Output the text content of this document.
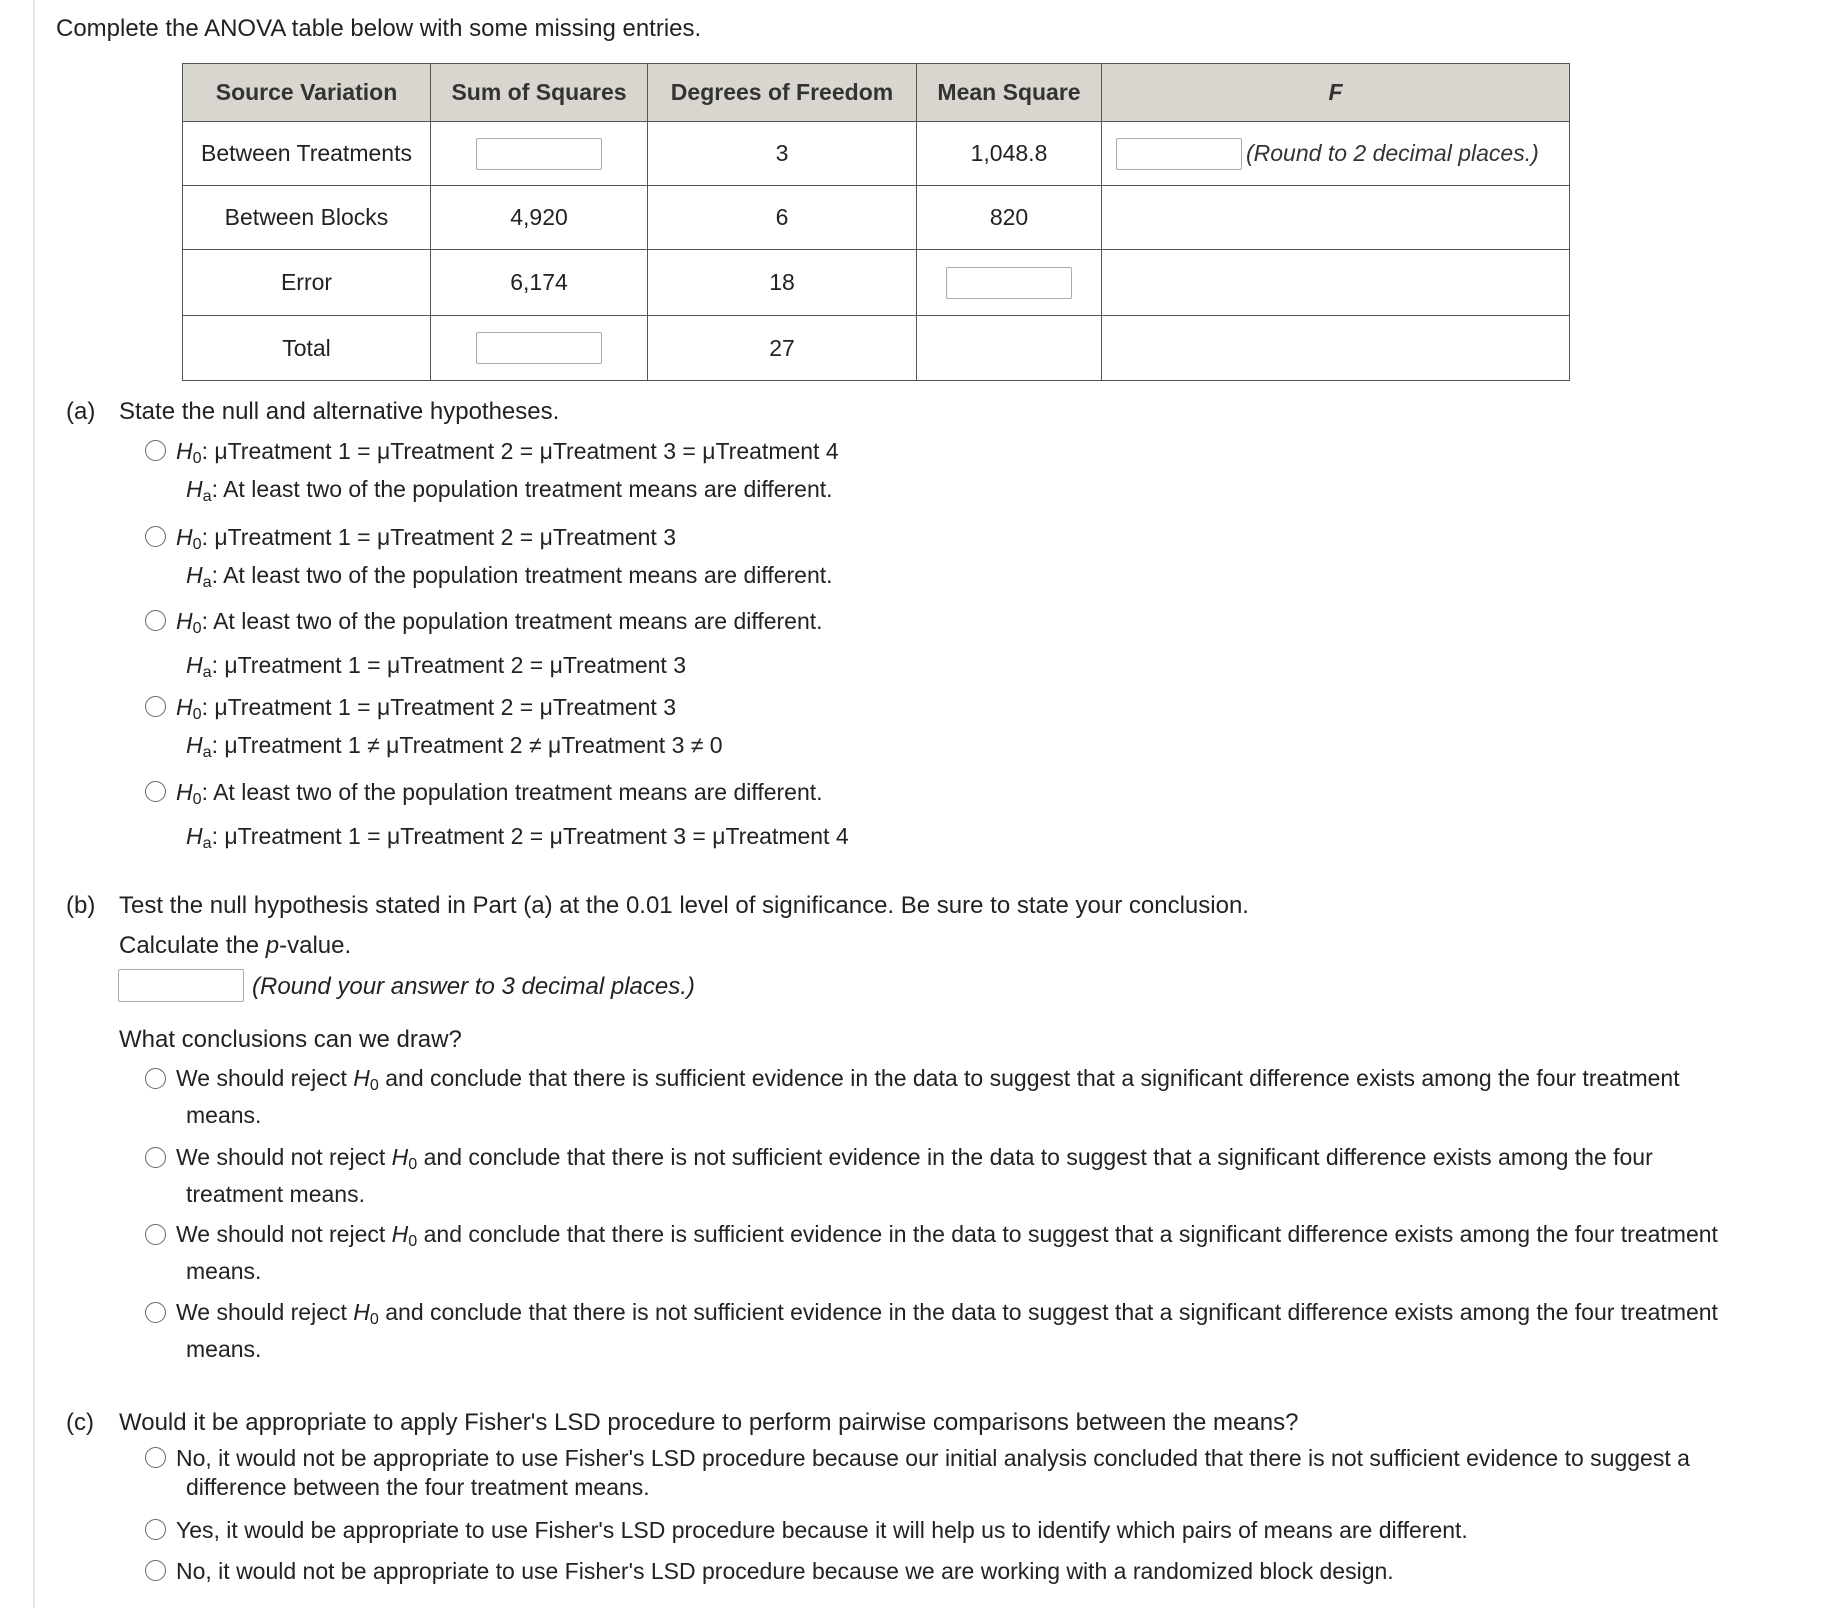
Complete the ANOVA table below with some missing entries.
Source Variation	Sum of Squares	Degrees of Freedom	Mean Square	F
Between Treatments		3	1,048.8	(Round to 2 decimal places.)
Between Blocks	4,920	6	820	
Error	6,174	18		
Total		27		
(a) State the null and alternative hypotheses.
$H_0$: μTreatment 1 = μTreatment 2 = μTreatment 3 = μTreatment 4
$H_a$: At least two of the population treatment means are different.
$H_0$: μTreatment 1 = μTreatment 2 = μTreatment 3
$H_a$: At least two of the population treatment means are different.
$H_0$: At least two of the population treatment means are different.
$H_a$: μTreatment 1 = μTreatment 2 = μTreatment 3
$H_0$: μTreatment 1 = μTreatment 2 = μTreatment 3
$H_a$: μTreatment 1 ≠ μTreatment 2 ≠ μTreatment 3 ≠ 0
$H_0$: At least two of the population treatment means are different.
$H_a$: μTreatment 1 = μTreatment 2 = μTreatment 3 = μTreatment 4
(b) Test the null hypothesis stated in Part (a) at the 0.01 level of significance. Be sure to state your conclusion.
Calculate the p-value.
(Round your answer to 3 decimal places.)
What conclusions can we draw?
We should reject $H_0$ and conclude that there is sufficient evidence in the data to suggest that a significant difference exists among the four treatment
means.
We should not reject $H_0$ and conclude that there is not sufficient evidence in the data to suggest that a significant difference exists among the four
treatment means.
We should not reject $H_0$ and conclude that there is sufficient evidence in the data to suggest that a significant difference exists among the four treatment
means.
We should reject $H_0$ and conclude that there is not sufficient evidence in the data to suggest that a significant difference exists among the four treatment
means.
(c) Would it be appropriate to apply Fisher's LSD procedure to perform pairwise comparisons between the means?
No, it would not be appropriate to use Fisher's LSD procedure because our initial analysis concluded that there is not sufficient evidence to suggest a
difference between the four treatment means.
Yes, it would be appropriate to use Fisher's LSD procedure because it will help us to identify which pairs of means are different.
No, it would not be appropriate to use Fisher's LSD procedure because we are working with a randomized block design.
